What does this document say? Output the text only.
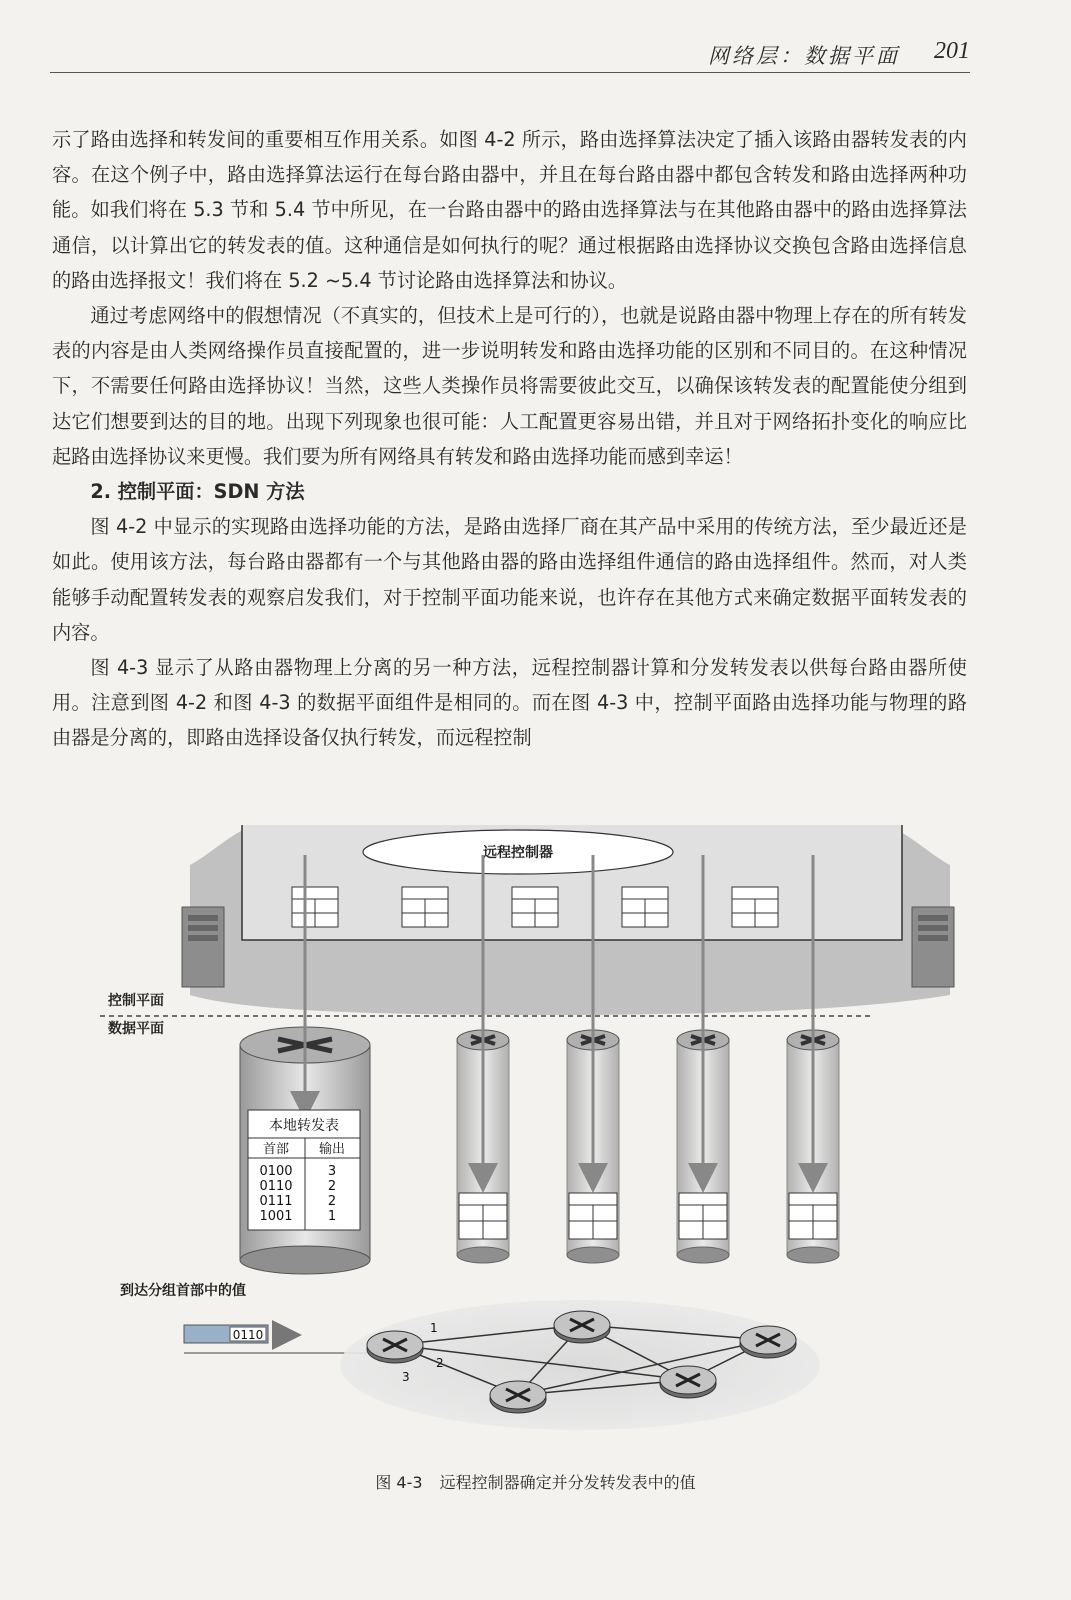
网络层：数据平面 201

示了路由选择和转发间的重要相互作用关系。如图 4-2 所示，路由选择算法决定了插入该路由器转发表的内容。在这个例子中，路由选择算法运行在每台路由器中，并且在每台路由器中都包含转发和路由选择两种功能。如我们将在 5.3 节和 5.4 节中所见，在一台路由器中的路由选择算法与在其他路由器中的路由选择算法通信，以计算出它的转发表的值。这种通信是如何执行的呢？通过根据路由选择协议交换包含路由选择信息的路由选择报文！我们将在 5.2 ~5.4 节讨论路由选择算法和协议。

通过考虑网络中的假想情况（不真实的，但技术上是可行的），也就是说路由器中物理上存在的所有转发表的内容是由人类网络操作员直接配置的，进一步说明转发和路由选择功能的区别和不同目的。在这种情况下，不需要任何路由选择协议！当然，这些人类操作员将需要彼此交互，以确保该转发表的配置能使分组到达它们想要到达的目的地。出现下列现象也很可能：人工配置更容易出错，并且对于网络拓扑变化的响应比起路由选择协议来更慢。我们要为所有网络具有转发和路由选择功能而感到幸运！

2. 控制平面：SDN 方法

图 4-2 中显示的实现路由选择功能的方法，是路由选择厂商在其产品中采用的传统方法，至少最近还是如此。使用该方法，每台路由器都有一个与其他路由器的路由选择组件通信的路由选择组件。然而，对人类能够手动配置转发表的观察启发我们，对于控制平面功能来说，也许存在其他方式来确定数据平面转发表的内容。

图 4-3 显示了从路由器物理上分离的另一种方法，远程控制器计算和分发转发表以供每台路由器所使用。注意到图 4-2 和图 4-3 的数据平面组件是相同的。而在图 4-3 中，控制平面路由选择功能与物理的路由器是分离的，即路由选择设备仅执行转发，而远程控制

远程控制器
控制平面
数据平面
本地转发表
首部 输出
0100	3
0110	2
0111	2
1001	1
到达分组首部中的值
0110	1
2
3
图 4-3 远程控制器确定并分发转发表中的值
